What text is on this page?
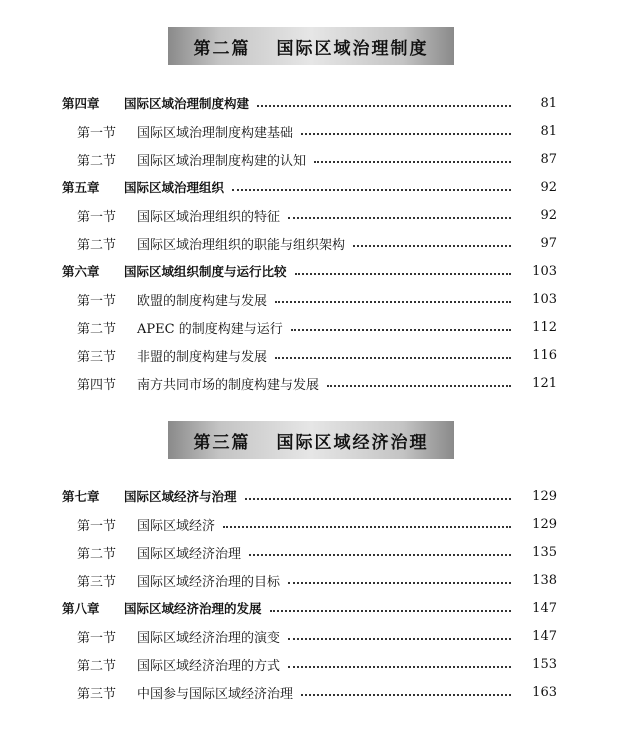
第二篇 国际区域治理制度
第四章	国际区域治理制度构建	81
第一节	国际区域治理制度构建基础	81
第二节	国际区域治理制度构建的认知	87
第五章	国际区域治理组织	92
第一节	国际区域治理组织的特征	92
第二节	国际区域治理组织的职能与组织架构	97
第六章	国际区域组织制度与运行比较	103
第一节	欧盟的制度构建与发展	103
第二节	APEC 的制度构建与运行	112
第三节	非盟的制度构建与发展	116
第四节	南方共同市场的制度构建与发展	121
第三篇 国际区域经济治理
第七章	国际区域经济与治理	129
第一节	国际区域经济	129
第二节	国际区域经济治理	135
第三节	国际区域经济治理的目标	138
第八章	国际区域经济治理的发展	147
第一节	国际区域经济治理的演变	147
第二节	国际区域经济治理的方式	153
第三节	中国参与国际区域经济治理	163
